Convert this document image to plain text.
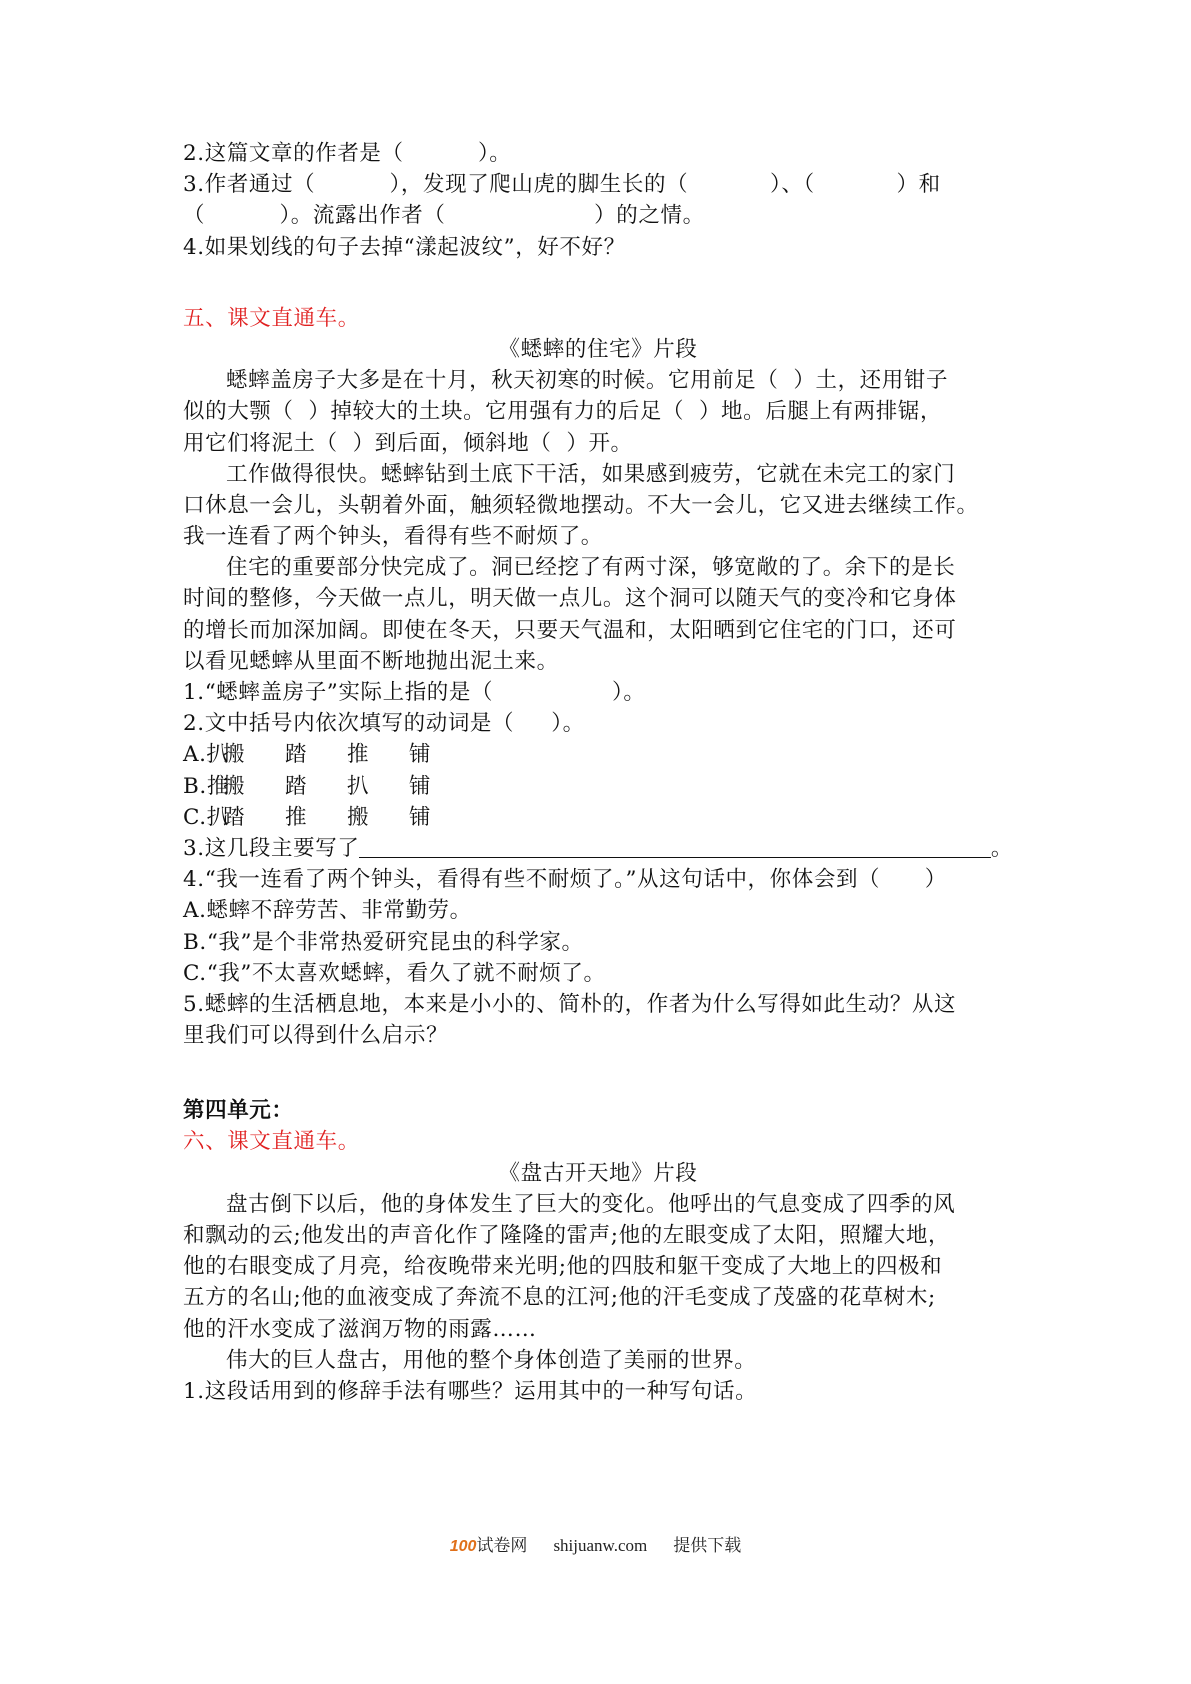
2.这篇文章的作者是（          ）。
3.作者通过（          ），发现了爬山虎的脚生长的（           ）、（           ）和
（          ）。流露出作者（                    ）的之情。
4.如果划线的句子去掉“漾起波纹”，好不好？
五、课文直通车。
《蟋蟀的住宅》片段
蟋蟀盖房子大多是在十月，秋天初寒的时候。它用前足（  ）土，还用钳子
似的大颚（  ）掉较大的土块。它用强有力的后足（  ）地。后腿上有两排锯，
用它们将泥土（  ）到后面，倾斜地（  ）开。
工作做得很快。蟋蟀钻到土底下干活，如果感到疲劳，它就在未完工的家门
口休息一会儿，头朝着外面，触须轻微地摆动。不大一会儿，它又进去继续工作。
我一连看了两个钟头，看得有些不耐烦了。
住宅的重要部分快完成了。洞已经挖了有两寸深，够宽敞的了。余下的是长
时间的整修，今天做一点儿，明天做一点儿。这个洞可以随天气的变冷和它身体
的增长而加深加阔。即使在冬天，只要天气温和，太阳晒到它住宅的门口，还可
以看见蟋蟀从里面不断地抛出泥土来。
1.“蟋蟀盖房子”实际上指的是（                ）。
2.文中括号内依次填写的动词是（     ）。
A.扒
搬	踏	推	铺
B.推
搬	踏	扒	铺
C.扒
踏	推	搬	铺
3.这几段主要写了	。
4.“我一连看了两个钟头，看得有些不耐烦了。”从这句话中，你体会到（      ）
A.蟋蟀不辞劳苦、非常勤劳。
B.“我”是个非常热爱研究昆虫的科学家。
C.“我”不太喜欢蟋蟀，看久了就不耐烦了。
5.蟋蟀的生活栖息地，本来是小小的、简朴的，作者为什么写得如此生动？从这
里我们可以得到什么启示？
第四单元：
六、课文直通车。
《盘古开天地》片段
盘古倒下以后，他的身体发生了巨大的变化。他呼出的气息变成了四季的风
和飘动的云;他发出的声音化作了隆隆的雷声;他的左眼变成了太阳，照耀大地，
他的右眼变成了月亮，给夜晚带来光明;他的四肢和躯干变成了大地上的四极和
五方的名山;他的血液变成了奔流不息的江河;他的汗毛变成了茂盛的花草树木;
他的汗水变成了滋润万物的雨露……
伟大的巨人盘古，用他的整个身体创造了美丽的世界。
1.这段话用到的修辞手法有哪些？运用其中的一种写句话。
100试卷网 shijuanw.com 提供下载
